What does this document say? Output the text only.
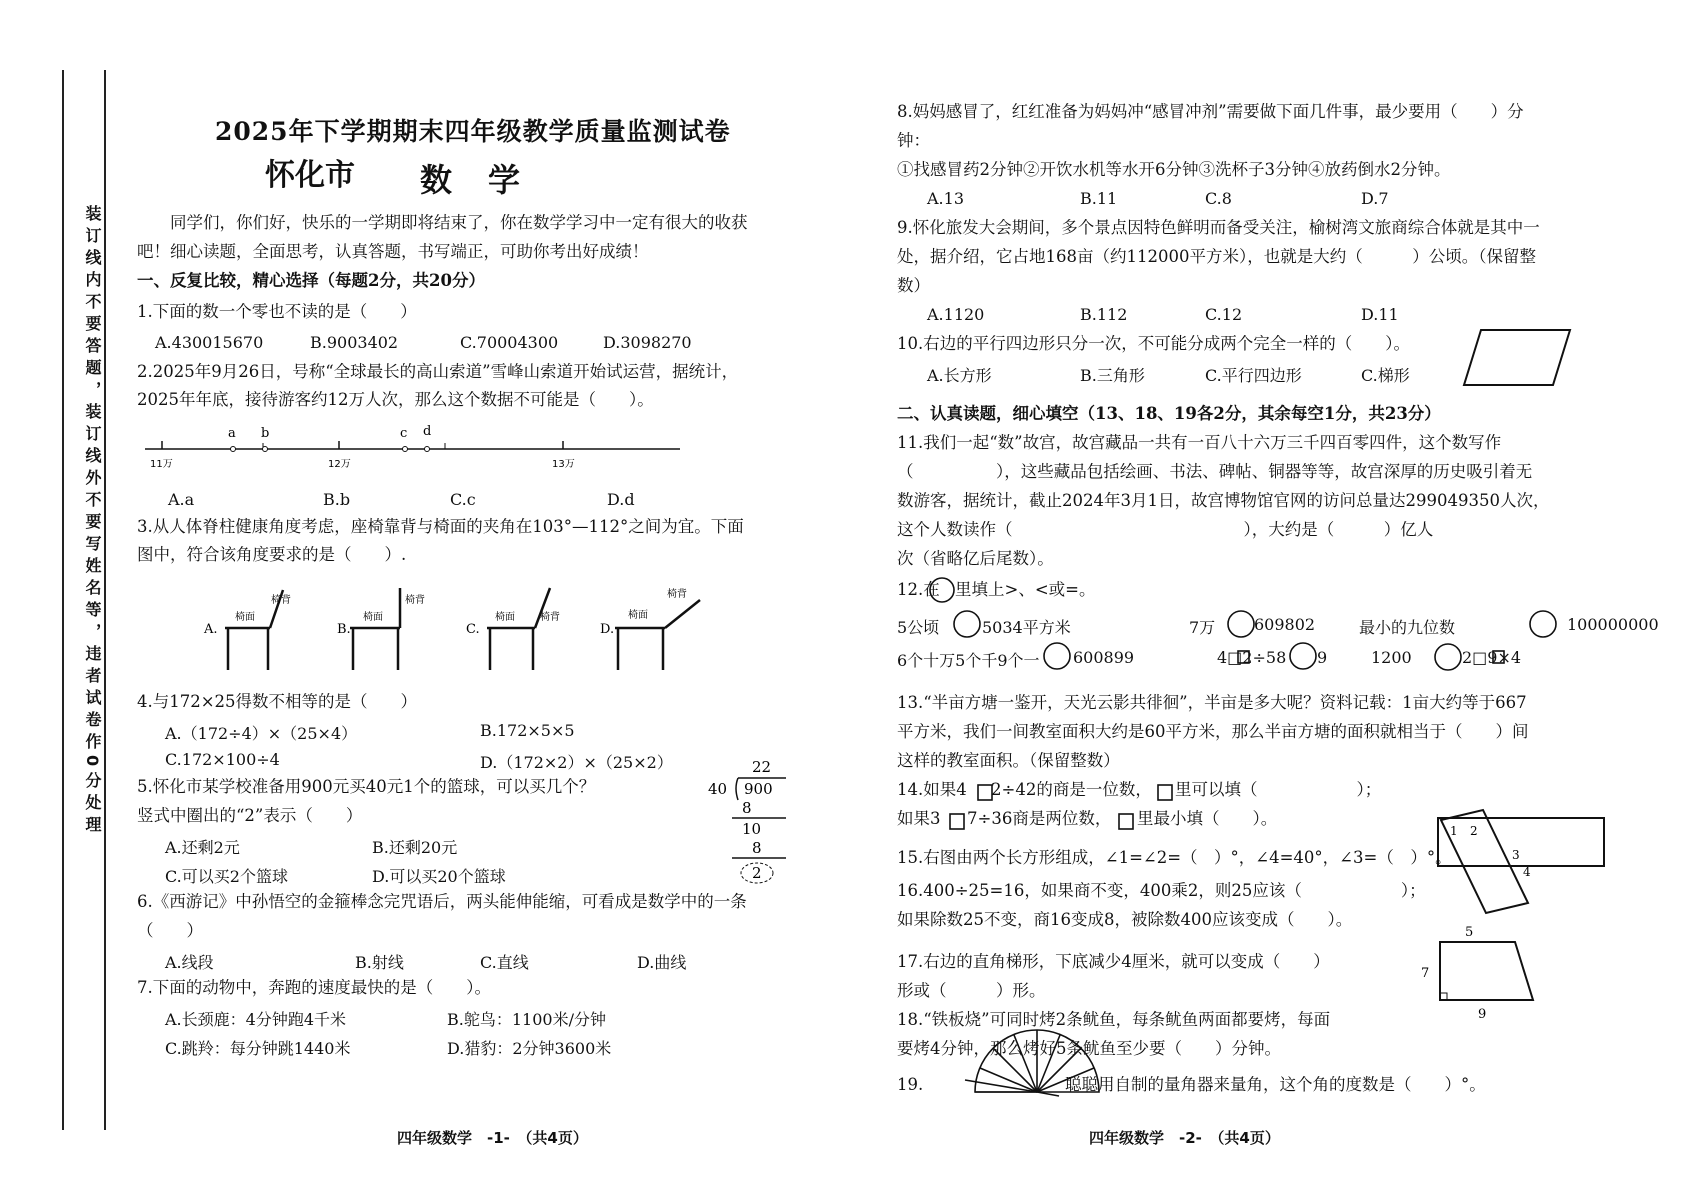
装订线内不要答题，装订线外不要写姓名等，违者试卷作0分处理
2025年下学期期末四年级教学质量监测试卷
怀化市 数学
同学们，你们好，快乐的一学期即将结束了，你在数学学习中一定有很大的收获
吧！细心读题，全面思考，认真答题，书写端正，可助你考出好成绩！
一、反复比较，精心选择（每题2分，共20分）
1.下面的数一个零也不读的是（　　）
A.430015670	B.9003402	C.70004300	D.3098270
2.2025年9月26日，号称“全球最长的高山索道”雪峰山索道开始试运营，据统计，
2025年年底，接待游客约12万人次，那么这个数据不可能是（　　）。
11万	12万	13万
a b	c d
A.	B.	C.	D.
椅面
椅背
椅面
椅背
椅面	椅背	椅面
椅背
22
40 900
8
10
8
2
A.a	B.b	C.c	D.d
3.从人体脊柱健康角度考虑，座椅靠背与椅面的夹角在103°—112°之间为宜。下面
图中，符合该角度要求的是（　　）.
4.与172×25得数不相等的是（　　）
A.（172÷4）×（25×4）	B.172×5×5
C.172×100÷4	D.（172×2）×（25×2）
5.怀化市某学校准备用900元买40元1个的篮球，可以买几个？
竖式中圈出的“2”表示（　　）
A.还剩2元	B.还剩20元
C.可以买2个篮球	D.可以买20个篮球
6.《西游记》中孙悟空的金箍棒念完咒语后，两头能伸能缩，可看成是数学中的一条
（　　）
A.线段	B.射线	C.直线	D.曲线
7.下面的动物中，奔跑的速度最快的是（　　）。
A.长颈鹿：4分钟跑4千米	B.鸵鸟：1100米/分钟
C.跳羚：每分钟跳1440米	D.猎豹：2分钟3600米
四年级数学　-1-　（共4页）
8.妈妈感冒了，红红准备为妈妈冲“感冒冲剂”需要做下面几件事，最少要用（　　）分
钟：
①找感冒药2分钟②开饮水机等水开6分钟③洗杯子3分钟④放药倒水2分钟。
A.13	B.11	C.8	D.7
9.怀化旅发大会期间，多个景点因特色鲜明而备受关注，榆树湾文旅商综合体就是其中一
处，据介绍，它占地168亩（约112000平方米），也就是大约（　　　）公顷。（保留整
数）
A.1120	B.112	C.12	D.11
10.右边的平行四边形只分一次，不可能分成两个完全一样的（　　）。
A.长方形	B.三角形	C.平行四边形	C.梯形
二、认真读题，细心填空（13、18、19各2分，其余每空1分，共23分）
11.我们一起“数”故宫，故宫藏品一共有一百八十六万三千四百零四件，这个数写作
（　　　　　），这些藏品包括绘画、书法、碑帖、铜器等等，故宫深厚的历史吸引着无
数游客，据统计，截止2024年3月1日，故宫博物馆官网的访问总量达299049350人次，
这个人数读作（　　　　　　　　　　　　　　），大约是（　　　）亿人
次（省略亿后尾数）。
12.在 里填上>、<或=。
5公顷	5034平方米	7万 609802	最小的九位数	100000000
6个十万5个千9个一 600899	4□2÷58 9	1200	2□9×4
13.“半亩方塘一鉴开，天光云影共徘徊”，半亩是多大呢？资料记载：1亩大约等于667
平方米，我们一间教室面积大约是60平方米，那么半亩方塘的面积就相当于（　　）间
这样的教室面积。（保留整数）
14.如果4 2÷42的商是一位数， 里可以填（　　　　　　）；
如果3 7÷36商是两位数， 里最小填（　　）。
15.右图由两个长方形组成，∠1=∠2=（　）°，∠4=40°，∠3=（　）°。
16.400÷25=16，如果商不变，400乘2，则25应该（　　　　　　）；
如果除数25不变，商16变成8，被除数400应该变成（　　）。
17.右边的直角梯形，下底减少4厘米，就可以变成（　　）
形或（　　　）形。
18.“铁板烧”可同时烤2条鱿鱼，每条鱿鱼两面都要烤，每面
要烤4分钟，那么烤好5条鱿鱼至少要（　　）分钟。
19.	聪聪用自制的量角器来量角，这个角的度数是（　　）°。
1 2
3
4
5
7
9
四年级数学　-2-　（共4页）
